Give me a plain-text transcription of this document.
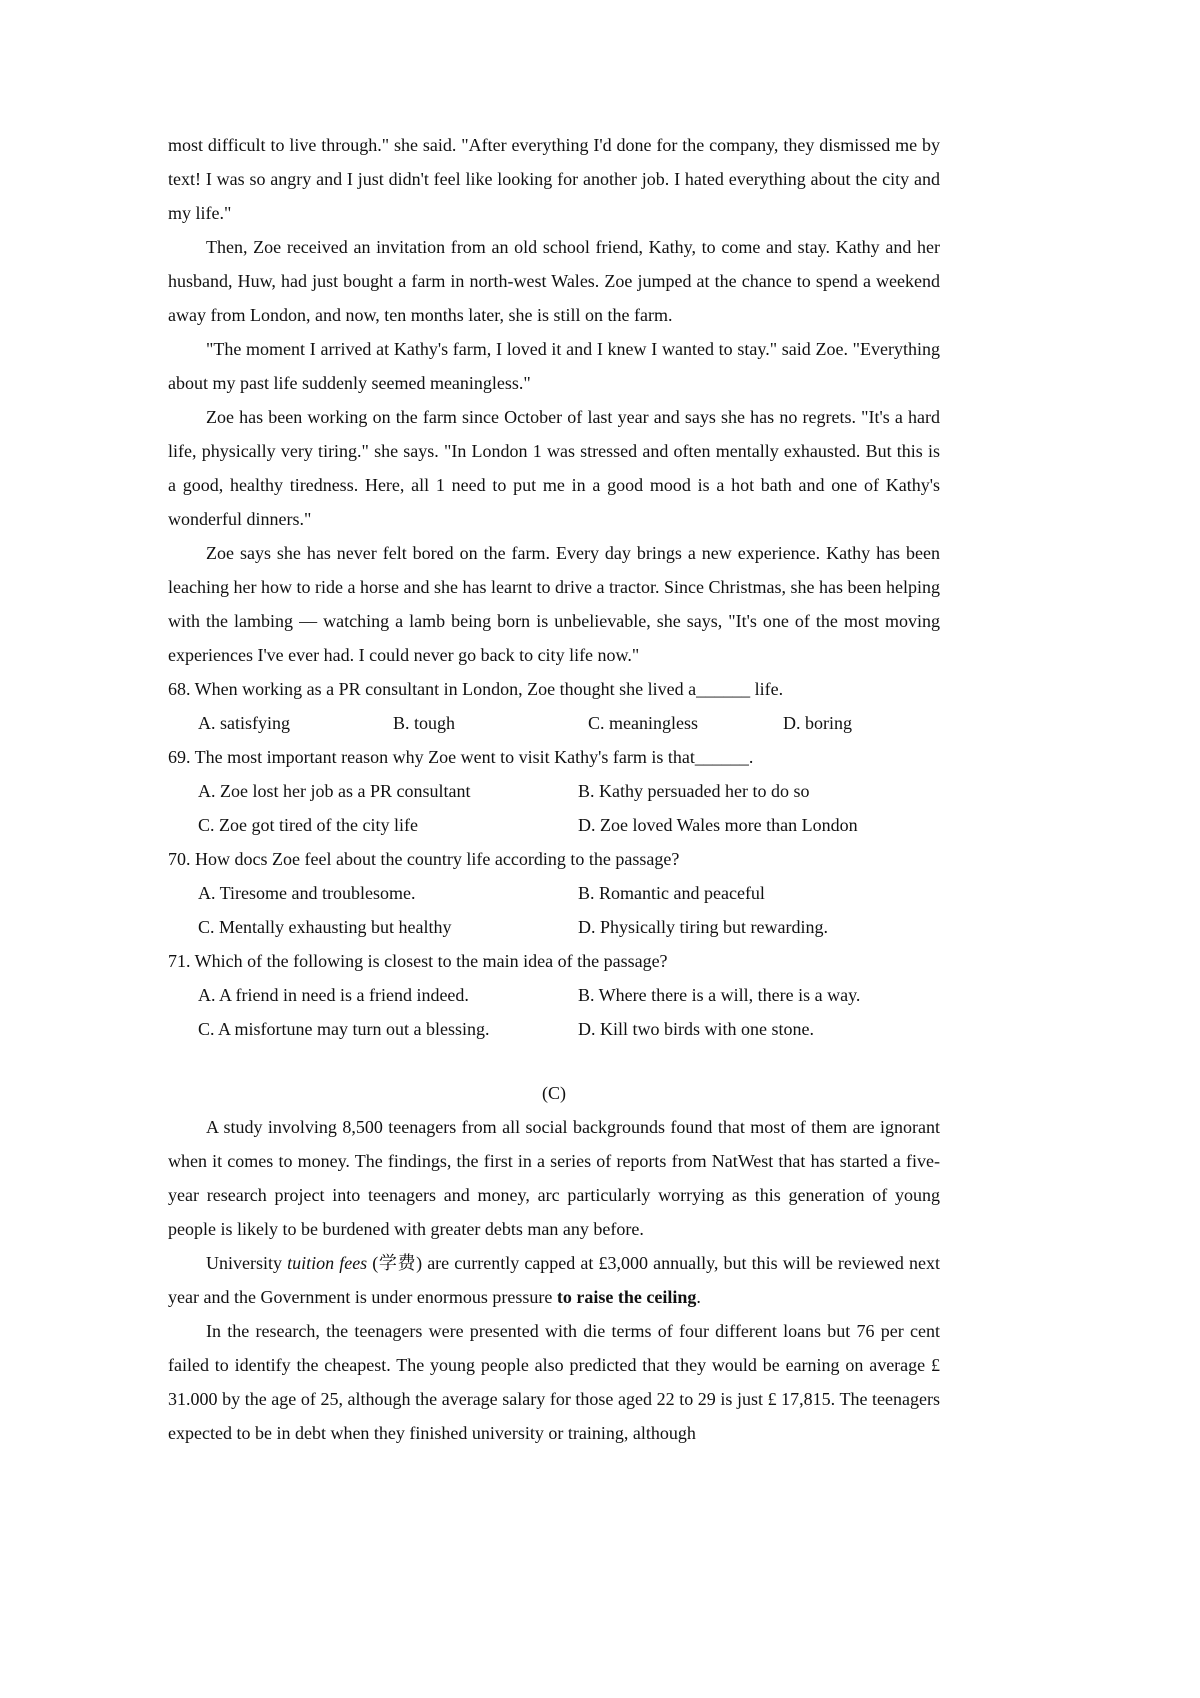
most difficult to live through." she said. "After everything I'd done for the company, they dismissed me by text! I was so angry and I just didn't feel like looking for another job. I hated everything about the city and my life."

Then, Zoe received an invitation from an old school friend, Kathy, to come and stay. Kathy and her husband, Huw, had just bought a farm in north-west Wales. Zoe jumped at the chance to spend a weekend away from London, and now, ten months later, she is still on the farm.

"The moment I arrived at Kathy's farm, I loved it and I knew I wanted to stay." said Zoe. "Everything about my past life suddenly seemed meaningless."

Zoe has been working on the farm since October of last year and says she has no regrets. "It's a hard life, physically very tiring." she says. "In London 1 was stressed and often mentally exhausted. But this is a good, healthy tiredness. Here, all 1 need to put me in a good mood is a hot bath and one of Kathy's wonderful dinners."

Zoe says she has never felt bored on the farm. Every day brings a new experience. Kathy has been leaching her how to ride a horse and she has learnt to drive a tractor. Since Christmas, she has been helping with the lambing — watching a lamb being born is unbelievable, she says, "It's one of the most moving experiences I've ever had. I could never go back to city life now."

68. When working as a PR consultant in London, Zoe thought she lived a______ life.

A. satisfying	B. tough	C. meaningless	D. boring

69. The most important reason why Zoe went to visit Kathy's farm is that______.

A. Zoe lost her job as a PR consultant	B. Kathy persuaded her to do so
C. Zoe got tired of the city life	D. Zoe loved Wales more than London

70. How docs Zoe feel about the country life according to the passage?

A. Tiresome and troublesome.	B. Romantic and peaceful
C. Mentally exhausting but healthy	D. Physically tiring but rewarding.

71. Which of the following is closest to the main idea of the passage?

A. A friend in need is a friend indeed.	B. Where there is a will, there is a way.
C. A misfortune may turn out a blessing.	D. Kill two birds with one stone.

(C)

A study involving 8,500 teenagers from all social backgrounds found that most of them are ignorant when it comes to money. The findings, the first in a series of reports from NatWest that has started a five-year research project into teenagers and money, arc particularly worrying as this generation of young people is likely to be burdened with greater debts man any before.

University tuition fees (学费) are currently capped at £3,000 annually, but this will be reviewed next year and the Government is under enormous pressure to raise the ceiling.

In the research, the teenagers were presented with die terms of four different loans but 76 per cent failed to identify the cheapest. The young people also predicted that they would be earning on average £ 31.000 by the age of 25, although the average salary for those aged 22 to 29 is just £ 17,815. The teenagers expected to be in debt when they finished university or training, although
